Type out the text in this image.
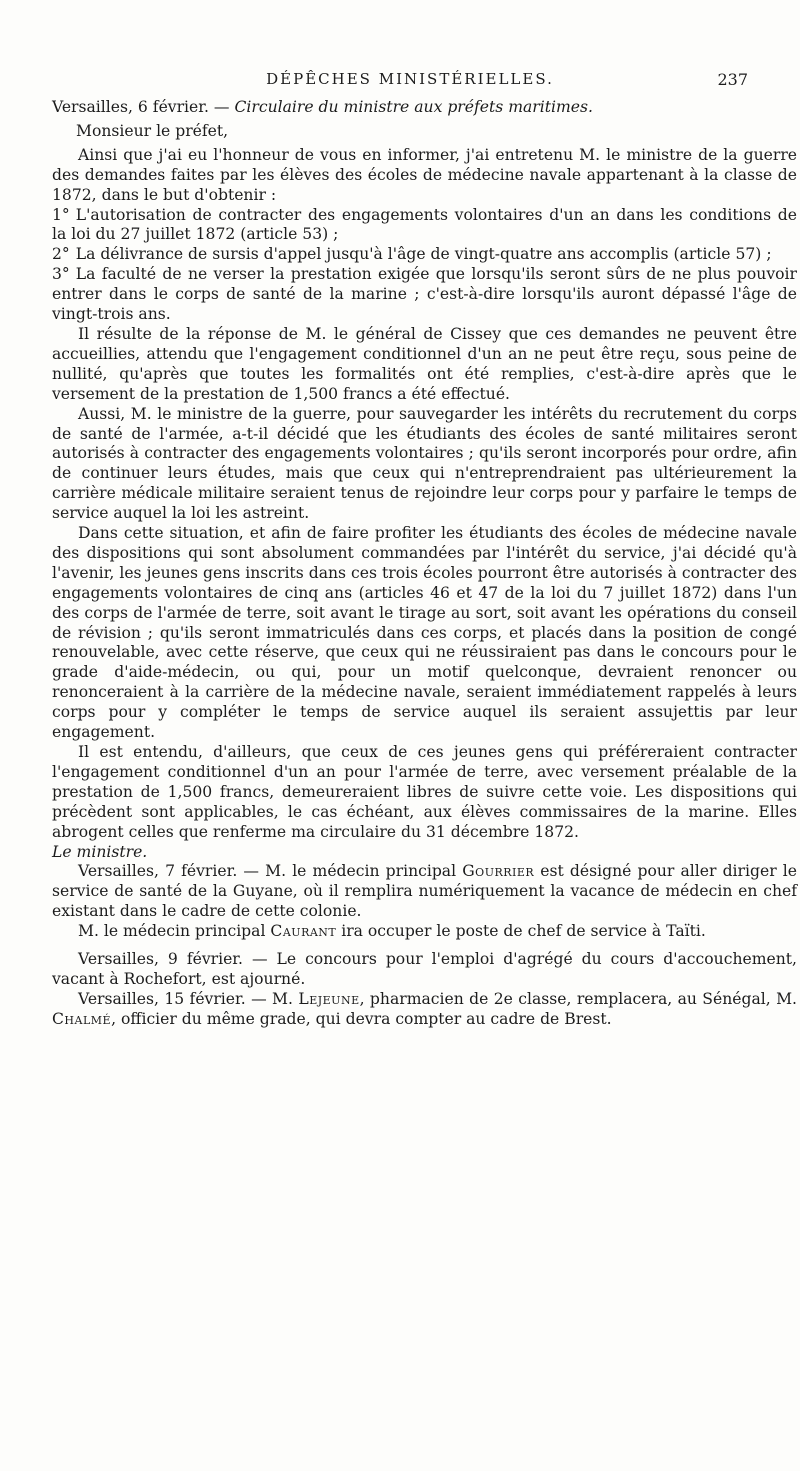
DÉPÊCHES MINISTÉRIELLES.	237

Versailles, 6 février. — Circulaire du ministre aux préfets maritimes.

Monsieur le préfet,

Ainsi que j'ai eu l'honneur de vous en informer, j'ai entretenu M. le ministre de la guerre des demandes faites par les élèves des écoles de médecine navale appartenant à la classe de 1872, dans le but d'obtenir :

1° L'autorisation de contracter des engagements volontaires d'un an dans les conditions de la loi du 27 juillet 1872 (article 53) ;

2° La délivrance de sursis d'appel jusqu'à l'âge de vingt-quatre ans accomplis (article 57) ;

3° La faculté de ne verser la prestation exigée que lorsqu'ils seront sûrs de ne plus pouvoir entrer dans le corps de santé de la marine ; c'est-à-dire lorsqu'ils auront dépassé l'âge de vingt-trois ans.

Il résulte de la réponse de M. le général de Cissey que ces demandes ne peuvent être accueillies, attendu que l'engagement conditionnel d'un an ne peut être reçu, sous peine de nullité, qu'après que toutes les formalités ont été remplies, c'est-à-dire après que le versement de la prestation de 1,500 francs a été effectué.

Aussi, M. le ministre de la guerre, pour sauvegarder les intérêts du recrutement du corps de santé de l'armée, a-t-il décidé que les étudiants des écoles de santé militaires seront autorisés à contracter des engagements volontaires ; qu'ils seront incorporés pour ordre, afin de continuer leurs études, mais que ceux qui n'entreprendraient pas ultérieurement la carrière médicale militaire seraient tenus de rejoindre leur corps pour y parfaire le temps de service auquel la loi les astreint.

Dans cette situation, et afin de faire profiter les étudiants des écoles de médecine navale des dispositions qui sont absolument commandées par l'intérêt du service, j'ai décidé qu'à l'avenir, les jeunes gens inscrits dans ces trois écoles pourront être autorisés à contracter des engagements volontaires de cinq ans (articles 46 et 47 de la loi du 7 juillet 1872) dans l'un des corps de l'armée de terre, soit avant le tirage au sort, soit avant les opérations du conseil de révision ; qu'ils seront immatriculés dans ces corps, et placés dans la position de congé renouvelable, avec cette réserve, que ceux qui ne réussiraient pas dans le concours pour le grade d'aide-médecin, ou qui, pour un motif quelconque, devraient renoncer ou renonceraient à la carrière de la médecine navale, seraient immédiatement rappelés à leurs corps pour y compléter le temps de service auquel ils seraient assujettis par leur engagement.

Il est entendu, d'ailleurs, que ceux de ces jeunes gens qui préféreraient contracter l'engagement conditionnel d'un an pour l'armée de terre, avec versement préalable de la prestation de 1,500 francs, demeureraient libres de suivre cette voie. Les dispositions qui précèdent sont applicables, le cas échéant, aux élèves commissaires de la marine. Elles abrogent celles que renferme ma circulaire du 31 décembre 1872.

Le ministre.

Versailles, 7 février. — M. le médecin principal Gourrier est désigné pour aller diriger le service de santé de la Guyane, où il remplira numériquement la vacance de médecin en chef existant dans le cadre de cette colonie.

M. le médecin principal Caurant ira occuper le poste de chef de service à Taïti.

Versailles, 9 février. — Le concours pour l'emploi d'agrégé du cours d'accouchement, vacant à Rochefort, est ajourné.

Versailles, 15 février. — M. Lejeune, pharmacien de 2e classe, remplacera, au Sénégal, M. Chalmé, officier du même grade, qui devra compter au cadre de Brest.
